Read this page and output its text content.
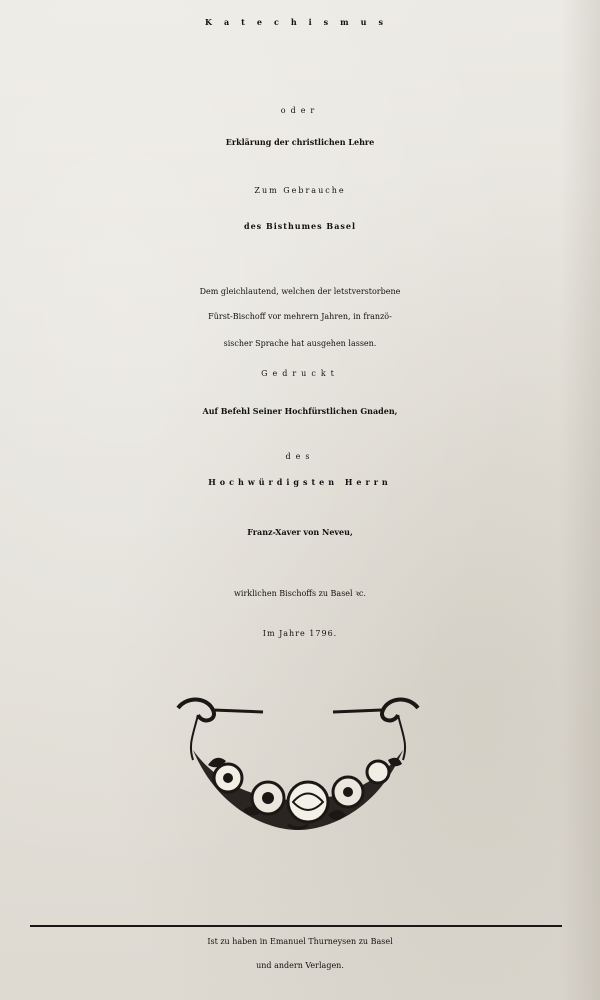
Katechismus
oder
Erklärung der christlichen Lehre
Zum Gebrauche
des Bisthumes Basel
Dem gleichlautend, welchen der letstverstorbene
Fürst-Bischoff vor mehrern Jahren, in franzö-
sischer Sprache hat ausgehen lassen.
Gedruckt
Auf Befehl Seiner Hochfürstlichen Gnaden,
des
Hochwürdigsten Herrn
Franz-Xaver von Neveu,
wirklichen Bischoffs zu Basel ꝛc.
Im Jahre 1796.
Ist zu haben in Emanuel Thurneysen zu Basel
und andern Verlagen.
